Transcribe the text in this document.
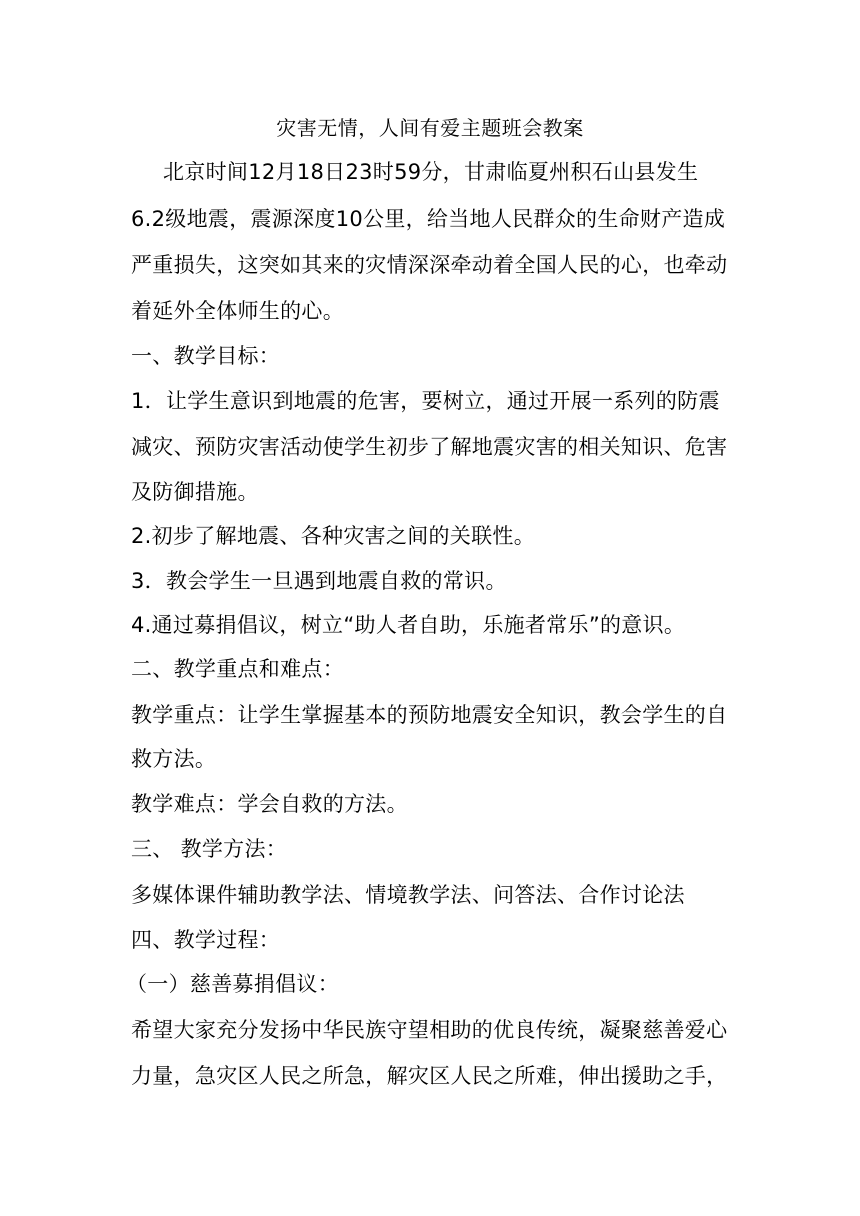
灾害无情，人间有爱主题班会教案
北京时间12月18日23时59分，甘肃临夏州积石山县发生
6.2级地震，震源深度10公里，给当地人民群众的生命财产造成
严重损失，这突如其来的灾情深深牵动着全国人民的心，也牵动
着延外全体师生的心。
一、教学目标：
1．让学生意识到地震的危害，要树立，通过开展一系列的防震
减灾、预防灾害活动使学生初步了解地震灾害的相关知识、危害
及防御措施。
2.初步了解地震、各种灾害之间的关联性。
3．教会学生一旦遇到地震自救的常识。
4.通过募捐倡议，树立“助人者自助，乐施者常乐”的意识。
二、教学重点和难点：
教学重点：让学生掌握基本的预防地震安全知识，教会学生的自
救方法。
教学难点：学会自救的方法。
三、 教学方法：
多媒体课件辅助教学法、情境教学法、问答法、合作讨论法
四、教学过程：
（一）慈善募捐倡议：
希望大家充分发扬中华民族守望相助的优良传统，凝聚慈善爱心
力量，急灾区人民之所急，解灾区人民之所难，伸出援助之手，
